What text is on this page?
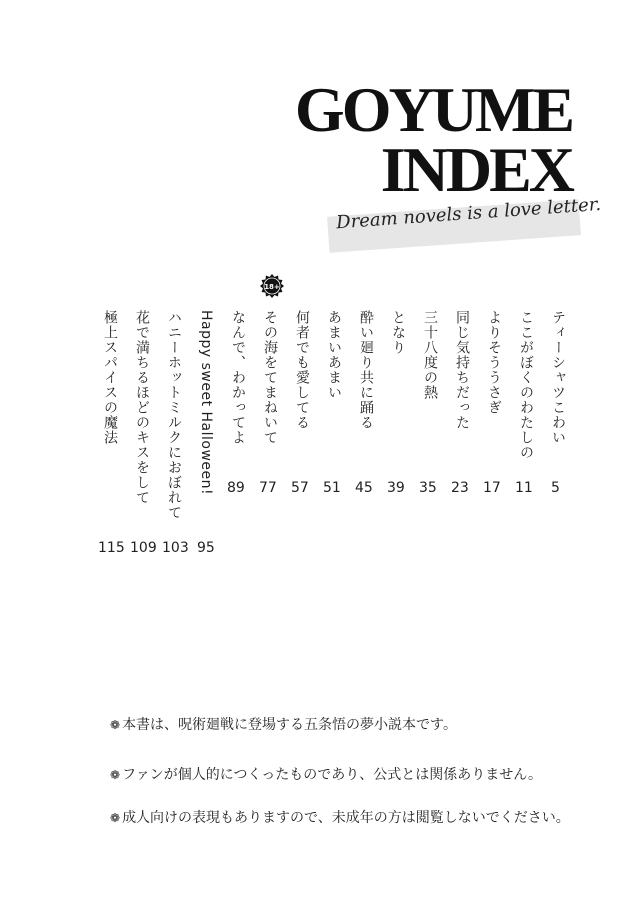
GOYUME
INDEX
Dream novels is a love letter.
18+
ティーシャツこわい
ここがぼくのわたしの
よりそううさぎ
同じ気持ちだった
三十八度の熱
となり
酔い廻り共に踊る
あまいあまい
何者でも愛してる
その海をてまねいて
なんで、わかってよ
Happy sweet Halloween!
ハニーホットミルクにおぼれて
花で満ちるほどのキスをして
極上スパイスの魔法
5
11
17
23
35
39
45
51
57
77
89
95
103
109
115
❁ 本書は、呪術廻戦に登場する五条悟の夢小説本です。
❁ ファンが個人的につくったものであり、公式とは関係ありません。
❁ 成人向けの表現もありますので、未成年の方は閲覧しないでください。
